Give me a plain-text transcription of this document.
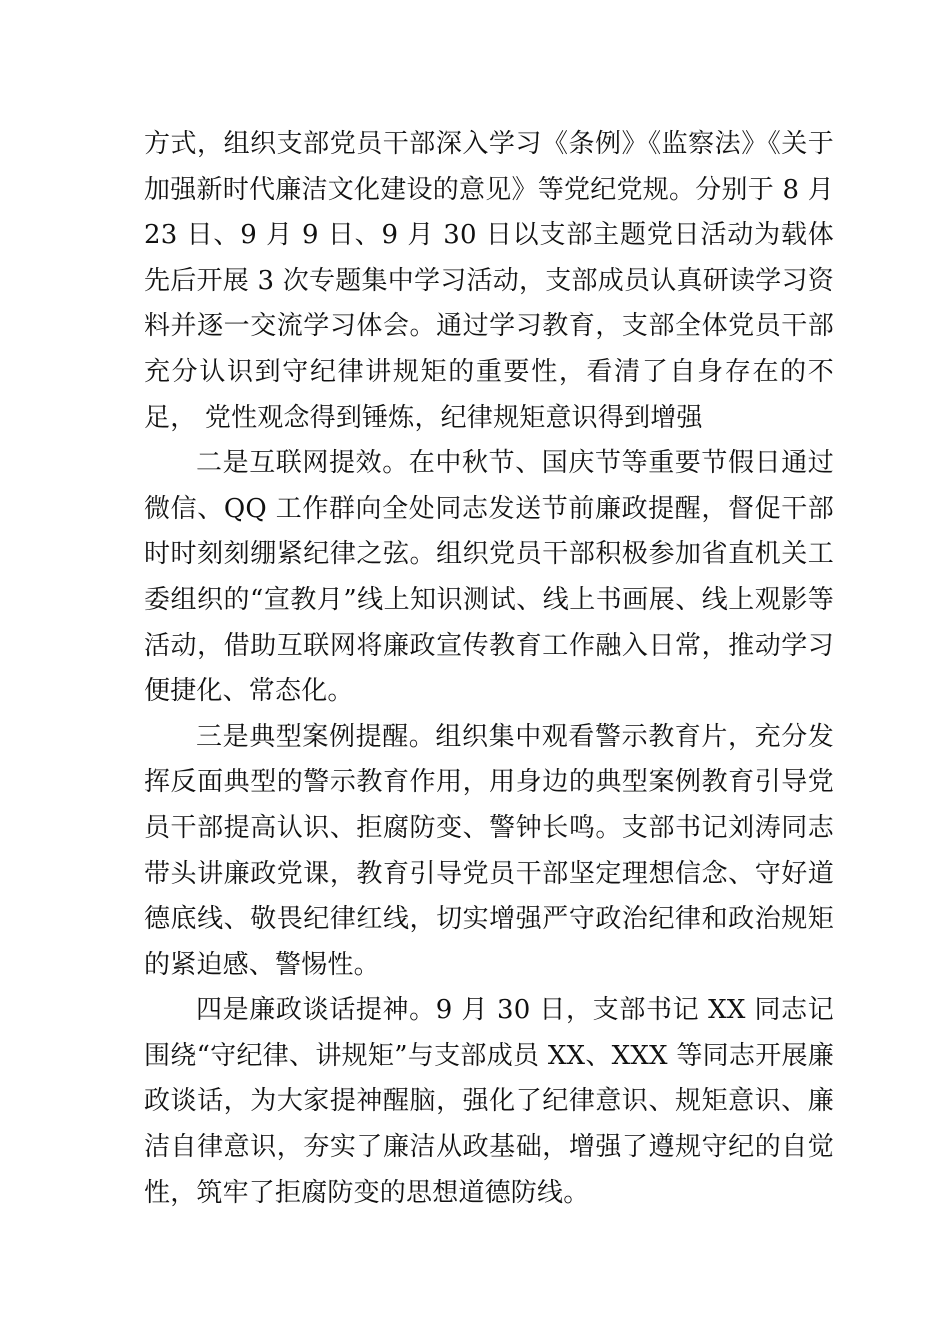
方式，组织支部党员干部深入学习《条例》《监察法》《关于加强新时代廉洁文化建设的意见》等党纪党规。分别于 8 月 23 日、9 月 9 日、9 月 30 日以支部主题党日活动为载体先后开展 3 次专题集中学习活动，支部成员认真研读学习资料并逐一交流学习体会。通过学习教育，支部全体党员干部充分认识到守纪律讲规矩的重要性，看清了自身存在的不足， 党性观念得到锤炼，纪律规矩意识得到增强

二是互联网提效。在中秋节、国庆节等重要节假日通过微信、QQ 工作群向全处同志发送节前廉政提醒，督促干部时时刻刻绷紧纪律之弦。组织党员干部积极参加省直机关工委组织的“宣教月”线上知识测试、线上书画展、线上观影等活动，借助互联网将廉政宣传教育工作融入日常，推动学习便捷化、常态化。

三是典型案例提醒。组织集中观看警示教育片，充分发挥反面典型的警示教育作用，用身边的典型案例教育引导党员干部提高认识、拒腐防变、警钟长鸣。支部书记刘涛同志带头讲廉政党课，教育引导党员干部坚定理想信念、守好道德底线、敬畏纪律红线，切实增强严守政治纪律和政治规矩的紧迫感、警惕性。

四是廉政谈话提神。9 月 30 日，支部书记 XX 同志记围绕“守纪律、讲规矩”与支部成员 XX、XXX 等同志开展廉政谈话，为大家提神醒脑，强化了纪律意识、规矩意识、廉洁自律意识，夯实了廉洁从政基础，增强了遵规守纪的自觉性，筑牢了拒腐防变的思想道德防线。
